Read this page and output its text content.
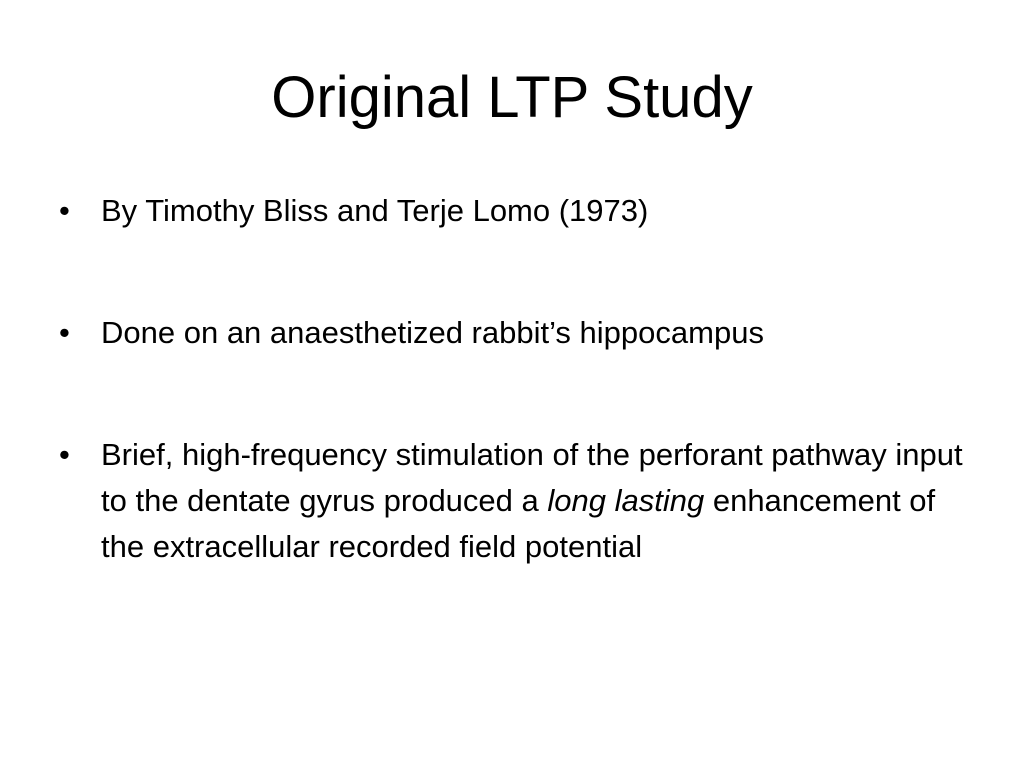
Original LTP Study
•	By Timothy Bliss and Terje Lomo (1973)
•	Done on an anaesthetized rabbit’s hippocampus
•	Brief, high-frequency stimulation of the perforant pathway input to the dentate gyrus produced a long lasting enhancement of the extracellular recorded field potential
